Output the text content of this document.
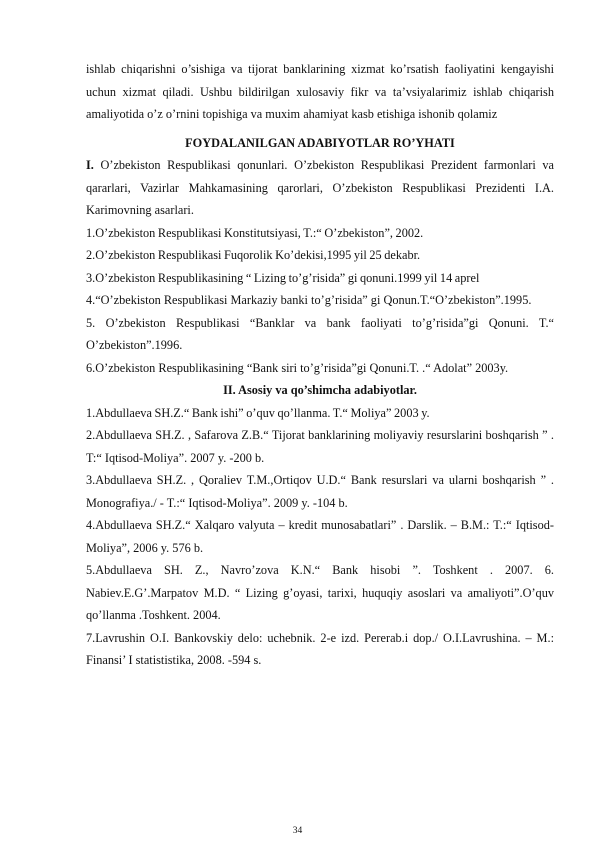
ishlab chiqarishni o’sishiga va tijorat banklarining xizmat ko’rsatish faoliyatini kengayishi uchun xizmat qiladi. Ushbu bildirilgan xulosaviy fikr va ta’vsiyalarimiz ishlab chiqarish amaliyotida o’z o’rnini topishiga va muxim ahamiyat kasb etishiga ishonib qolamiz

FOYDALANILGAN ADABIYOTLAR RO’YHATI

I. O’zbekiston Respublikasi qonunlari. O’zbekiston Respublikasi Prezident farmonlari va qararlari, Vazirlar Mahkamasining qarorlari, O’zbekiston Respublikasi Prezidenti I.A. Karimovning asarlari.

1.O’zbekiston Respublikasi Konstitutsiyasi, T.:“ O’zbekiston”, 2002.

2.O’zbekiston Respublikasi Fuqorolik Ko’dekisi,1995 yil 25 dekabr.

3.O’zbekiston Respublikasining “ Lizing to’g’risida” gi qonuni.1999 yil 14 aprel

4.“O’zbekiston Respublikasi Markaziy banki to’g’risida” gi Qonun.T.“O’zbekiston”.1995.

5. O’zbekiston Respublikasi “Banklar va bank faoliyati to’g’risida”gi Qonuni. T.“ O’zbekiston”.1996.

6.O’zbekiston Respublikasining “Bank siri to’g’risida”gi Qonuni.T. .“ Adolat” 2003y.

II. Asosiy va qo’shimcha adabiyotlar.

1.Abdullaeva SH.Z.“ Bank ishi” o’quv qo’llanma. T.“ Moliya” 2003 y.

2.Abdullaeva SH.Z. , Safarova Z.B.“ Tijorat banklarining moliyaviy resurslarini boshqarish ” . T:“ Iqtisod-Moliya”. 2007 y. -200 b.

3.Abdullaeva SH.Z. , Qoraliev T.M.,Ortiqov U.D.“ Bank resurslari va ularni boshqarish ” . Monografiya./ - T.:“ Iqtisod-Moliya”. 2009 y. -104 b.

4.Abdullaeva SH.Z.“ Xalqaro valyuta – kredit munosabatlari” . Darslik. – B.M.: T.:“ Iqtisod-Moliya”, 2006 y. 576 b.

5.Abdullaeva SH. Z., Navro’zova K.N.“ Bank hisobi ”. Toshkent . 2007. 6. Nabiev.E.G’.Marpatov M.D. “ Lizing g’oyasi, tarixi, huquqiy asoslari va amaliyoti”.O’quv qo’llanma .Toshkent. 2004.

7.Lavrushin O.I. Bankovskiy delo: uchebnik. 2-e izd. Pererab.i dop./ O.I.Lavrushina. – M.: Finansi’ I statististika, 2008. -594 s.

34
